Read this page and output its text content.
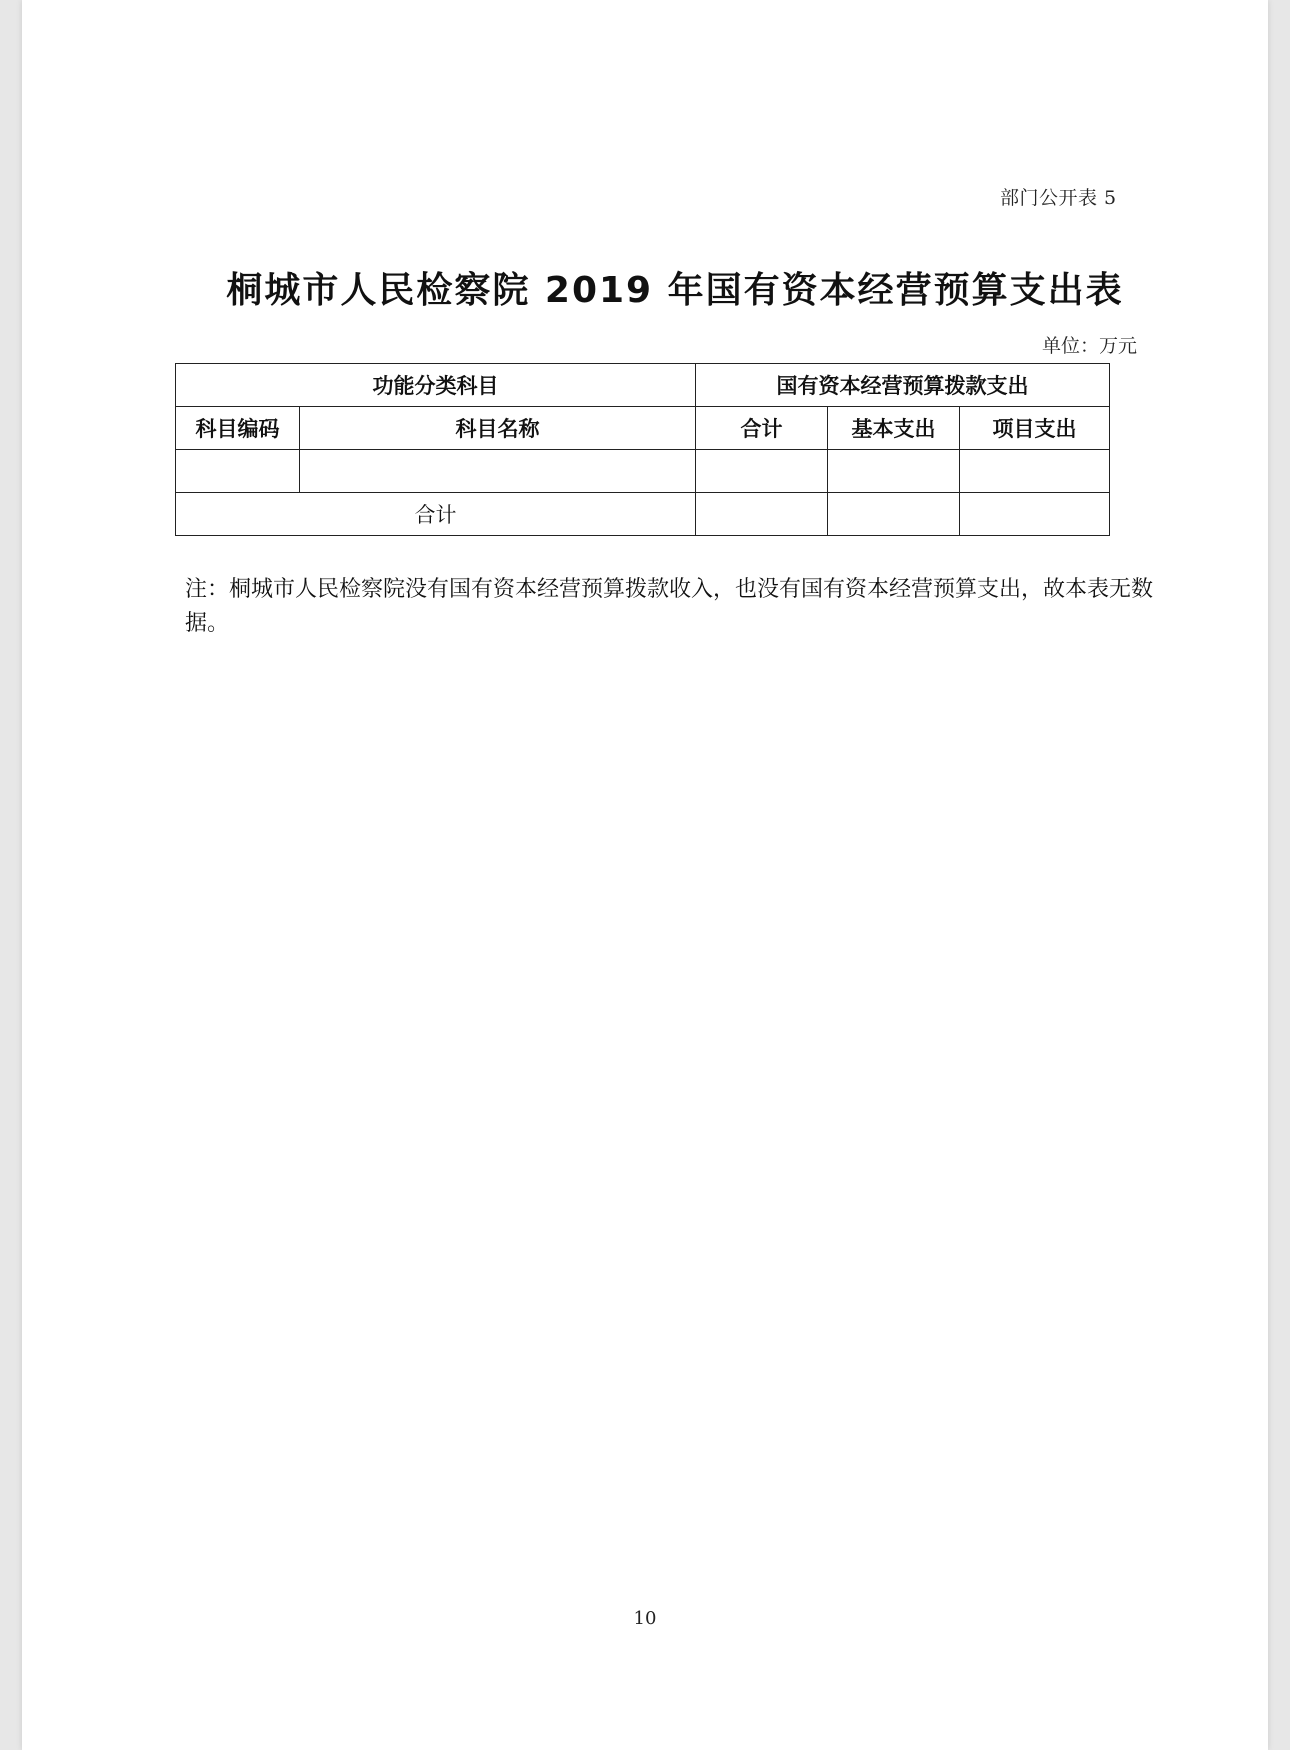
部门公开表 5
桐城市人民检察院 2019 年国有资本经营预算支出表
单位：万元
功能分类科目		国有资本经营预算拨款支出		
科目编码	科目名称	合计	基本支出	项目支出

合计				
注：桐城市人民检察院没有国有资本经营预算拨款收入，也没有国有资本经营预算支出，故本表无数据。
10
